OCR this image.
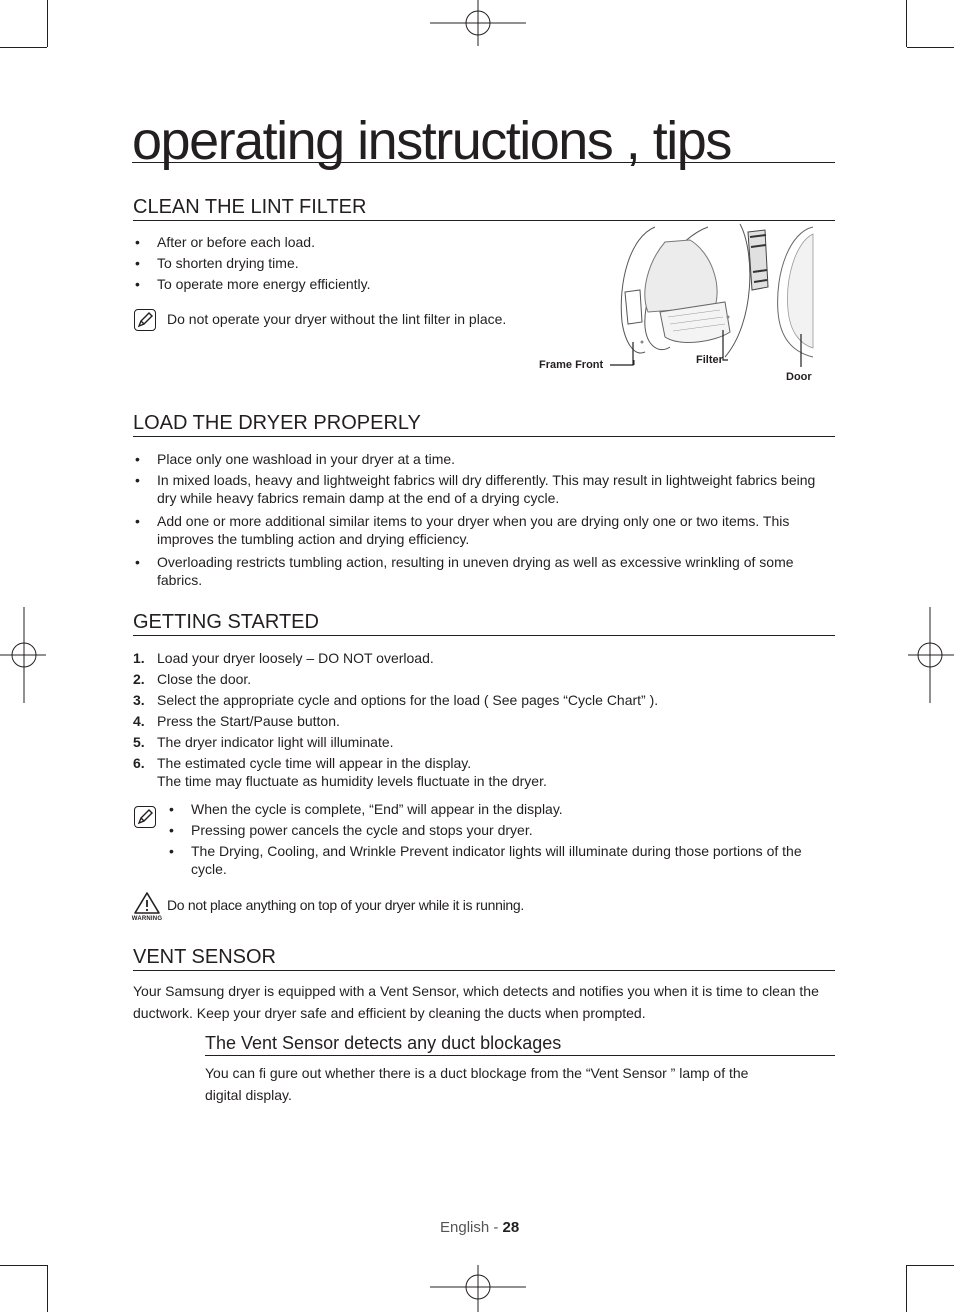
operating instructions , tips
CLEAN THE LINT FILTER
• After or before each load.
• To shorten drying time.
• To operate more energy efficiently.
Do not operate your dryer without the lint filter in place.
Frame Front	Filter
Door
LOAD THE DRYER PROPERLY
• Place only one washload in your dryer at a time.
• In mixed loads, heavy and lightweight fabrics will dry differently. This may result in lightweight fabrics being dry while heavy fabrics remain damp at the end of a drying cycle.
• Add one or more additional similar items to your dryer when you are drying only one or two items. This improves the tumbling action and drying efficiency.
• Overloading restricts tumbling action, resulting in uneven drying as well as excessive wrinkling of some fabrics.
GETTING STARTED
1. Load your dryer loosely – DO NOT overload.
2. Close the door.
3. Select the appropriate cycle and options for the load ( See pages “Cycle Chart” ).
4. Press the Start/Pause button.
5. The dryer indicator light will illuminate.
6. The estimated cycle time will appear in the display.
The time may fluctuate as humidity levels fluctuate in the dryer.
• When the cycle is complete, “End” will appear in the display.
• Pressing power cancels the cycle and stops your dryer.
• The Drying, Cooling, and Wrinkle Prevent indicator lights will illuminate during those portions of the cycle.
WARNING
Do not place anything on top of your dryer while it is running.
VENT SENSOR
Your Samsung dryer is equipped with a Vent Sensor, which detects and notifies you when it is time to clean the ductwork. Keep your dryer safe and efficient by cleaning the ducts when prompted.
The Vent Sensor detects any duct blockages
You can fi gure out whether there is a duct blockage from the “Vent Sensor ” lamp of the
digital display.
English - 28
